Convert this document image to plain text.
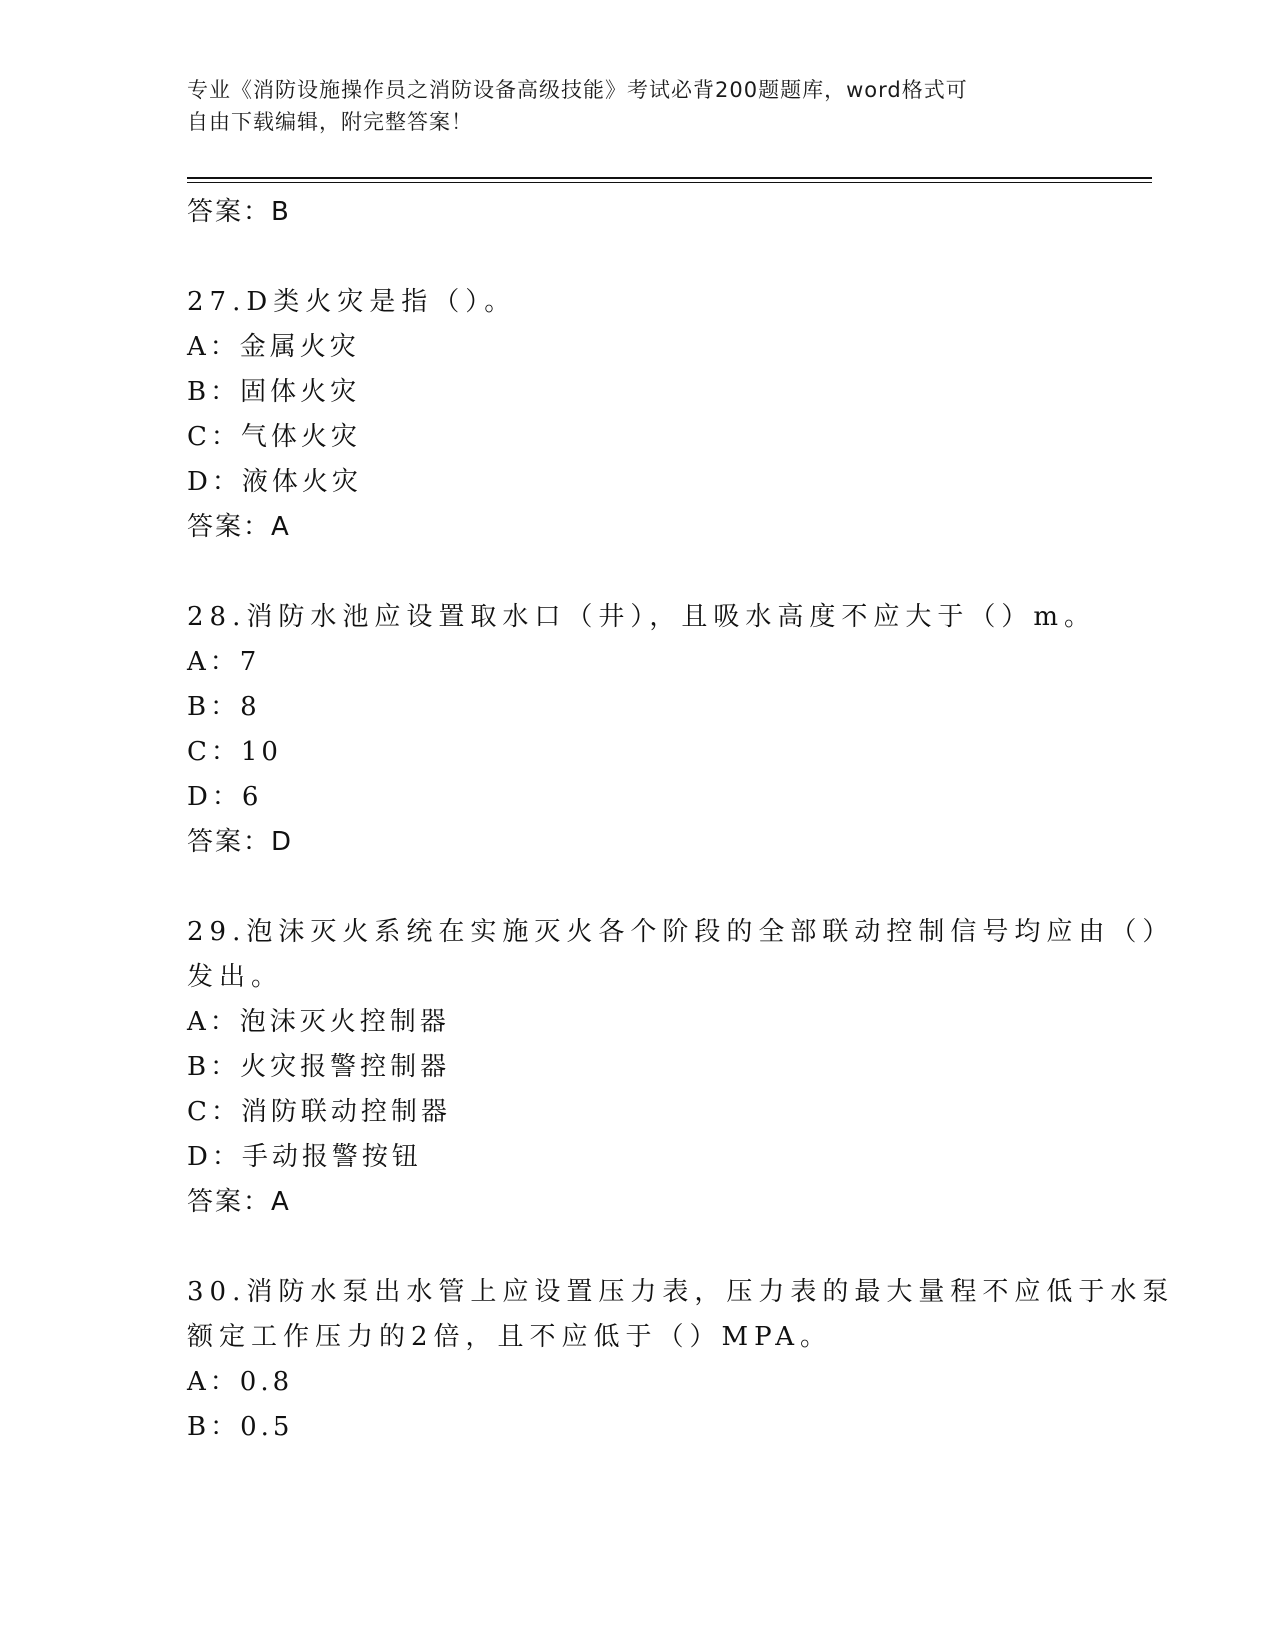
专业《消防设施操作员之消防设备高级技能》考试必背200题题库，word格式可
自由下载编辑，附完整答案！
答案：B
27.D类火灾是指（）。
A：金属火灾
B：固体火灾
C：气体火灾
D：液体火灾
答案：A
28.消防水池应设置取水口（井），且吸水高度不应大于（）m。
A：7
B：8
C：10
D：6
答案：D
29.泡沫灭火系统在实施灭火各个阶段的全部联动控制信号均应由（）
发出。
A：泡沫灭火控制器
B：火灾报警控制器
C：消防联动控制器
D：手动报警按钮
答案：A
30.消防水泵出水管上应设置压力表，压力表的最大量程不应低于水泵
额定工作压力的2倍，且不应低于（）MPA。
A：0.8
B：0.5
